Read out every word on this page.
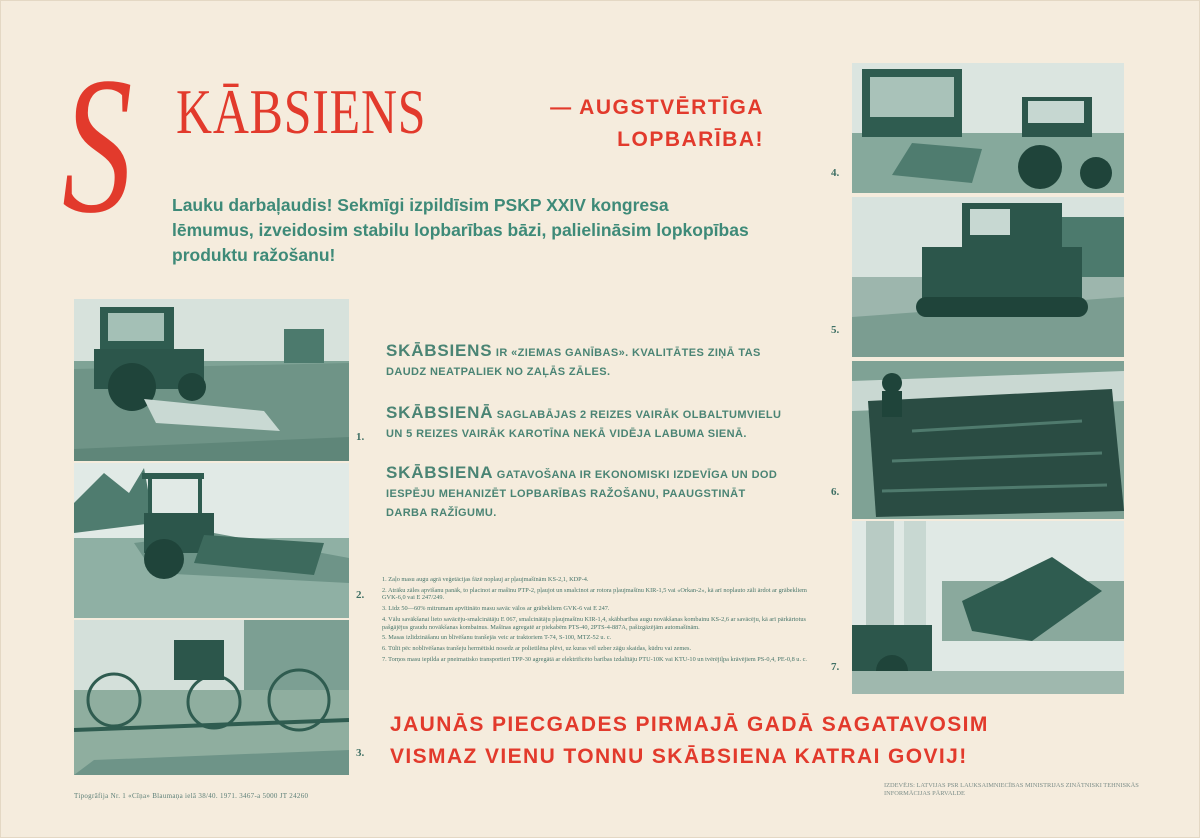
S KĀBSIENS	— AUGSTVĒRTĪGA
LOPBARĪBA!
Lauku darbaļaudis! Sekmīgi izpildīsim PSKP XXIV kongresa lēmumus, izveidosim stabilu lopbarības bāzi, palielināsim lopkopības produktu ražošanu!
1.
2.
3.
4.
5.
6.
7.
SKĀBSIENS IR «ZIEMAS GANĪBAS». KVALITĀTES ZIŅĀ TAS DAUDZ NEATPALIEK NO ZAĻĀS ZĀLES.
SKĀBSIENĀ SAGLABĀJAS 2 REIZES VAIRĀK OLBALTUMVIELU UN 5 REIZES VAIRĀK KAROTĪNA NEKĀ VIDĒJA LABUMA SIENĀ.
SKĀBSIENA GATAVOŠANA IR EKONOMISKI IZDEVĪGA UN DOD IESPĒJU MEHANIZĒT LOPBARĪBAS RAŽOŠANU, PAAUGSTINĀT DARBA RAŽĪGUMU.
1. Zaļo masu augu agrā veģetācijas fāzē noplauj ar pļaujmašīnām KS-2,1, KDP-4.
2. Atrāku zāles apvīšanu panāk, to placinot ar mašīnu PTP-2, pļaujot un smalcinot ar rotora pļaujmašīnu KIR-1,5 vai «Orkan-2», kā arī noplauto zāli ārdot ar grābekliem GVK-6,0 vai E 247/249.
3. Līdz 50—60% mitrumam apvītināto masu savāc vālos ar grābekliem GVK-6 vai E 247.
4. Vālu savākšanai lieto savācēju-smalcinātāju E 067, smalcinātāju pļaujmašīnu KIR-1,4, skābbarības augu novākšanas kombainu KS-2,6 ar savācēju, kā arī pārkārtotus pašgājējus graudu novākšanas kombainus. Mašīnas agregatē ar piekabēm PTS-40, 2PTS-4-887A, pašizgāzējām automašīnām.
5. Masas izlīdzināšanu un blīvēšanu tranšejās veic ar traktoriem T-74, S-100, MTZ-52 u. c.
6. Tūlīt pēc noblīvēšanas tranšeju hermētiski nosedz ar polietilēna plēvi, uz kuras vēl uzber zāģu skaidas, kūdru vai zemes.
7. Torņos masu iepilda ar pneimatisko transportieri TPP-30 agregātā ar elektrificēto barības izdalītāju PTU-10K vai KTU-10 un tvērējiļpa krāvējiem PS-0,4, PE-0,8 u. c.
JAUNĀS PIECGADES PIRMAJĀ GADĀ SAGATAVOSIM
VISMAZ VIENU TONNU SKĀBSIENA KATRAI GOVIJ!
Tipogrāfija Nr. 1 «Cīņa» Blaumaņa ielā 38/40. 1971. 3467-a 5000 JT 24260
IZDEVĒJS: LATVIJAS PSR LAUKSAIMNIECĪBAS MINISTRIJAS ZINĀTNISKI TEHNISKĀS INFORMĀCIJAS PĀRVALDE
